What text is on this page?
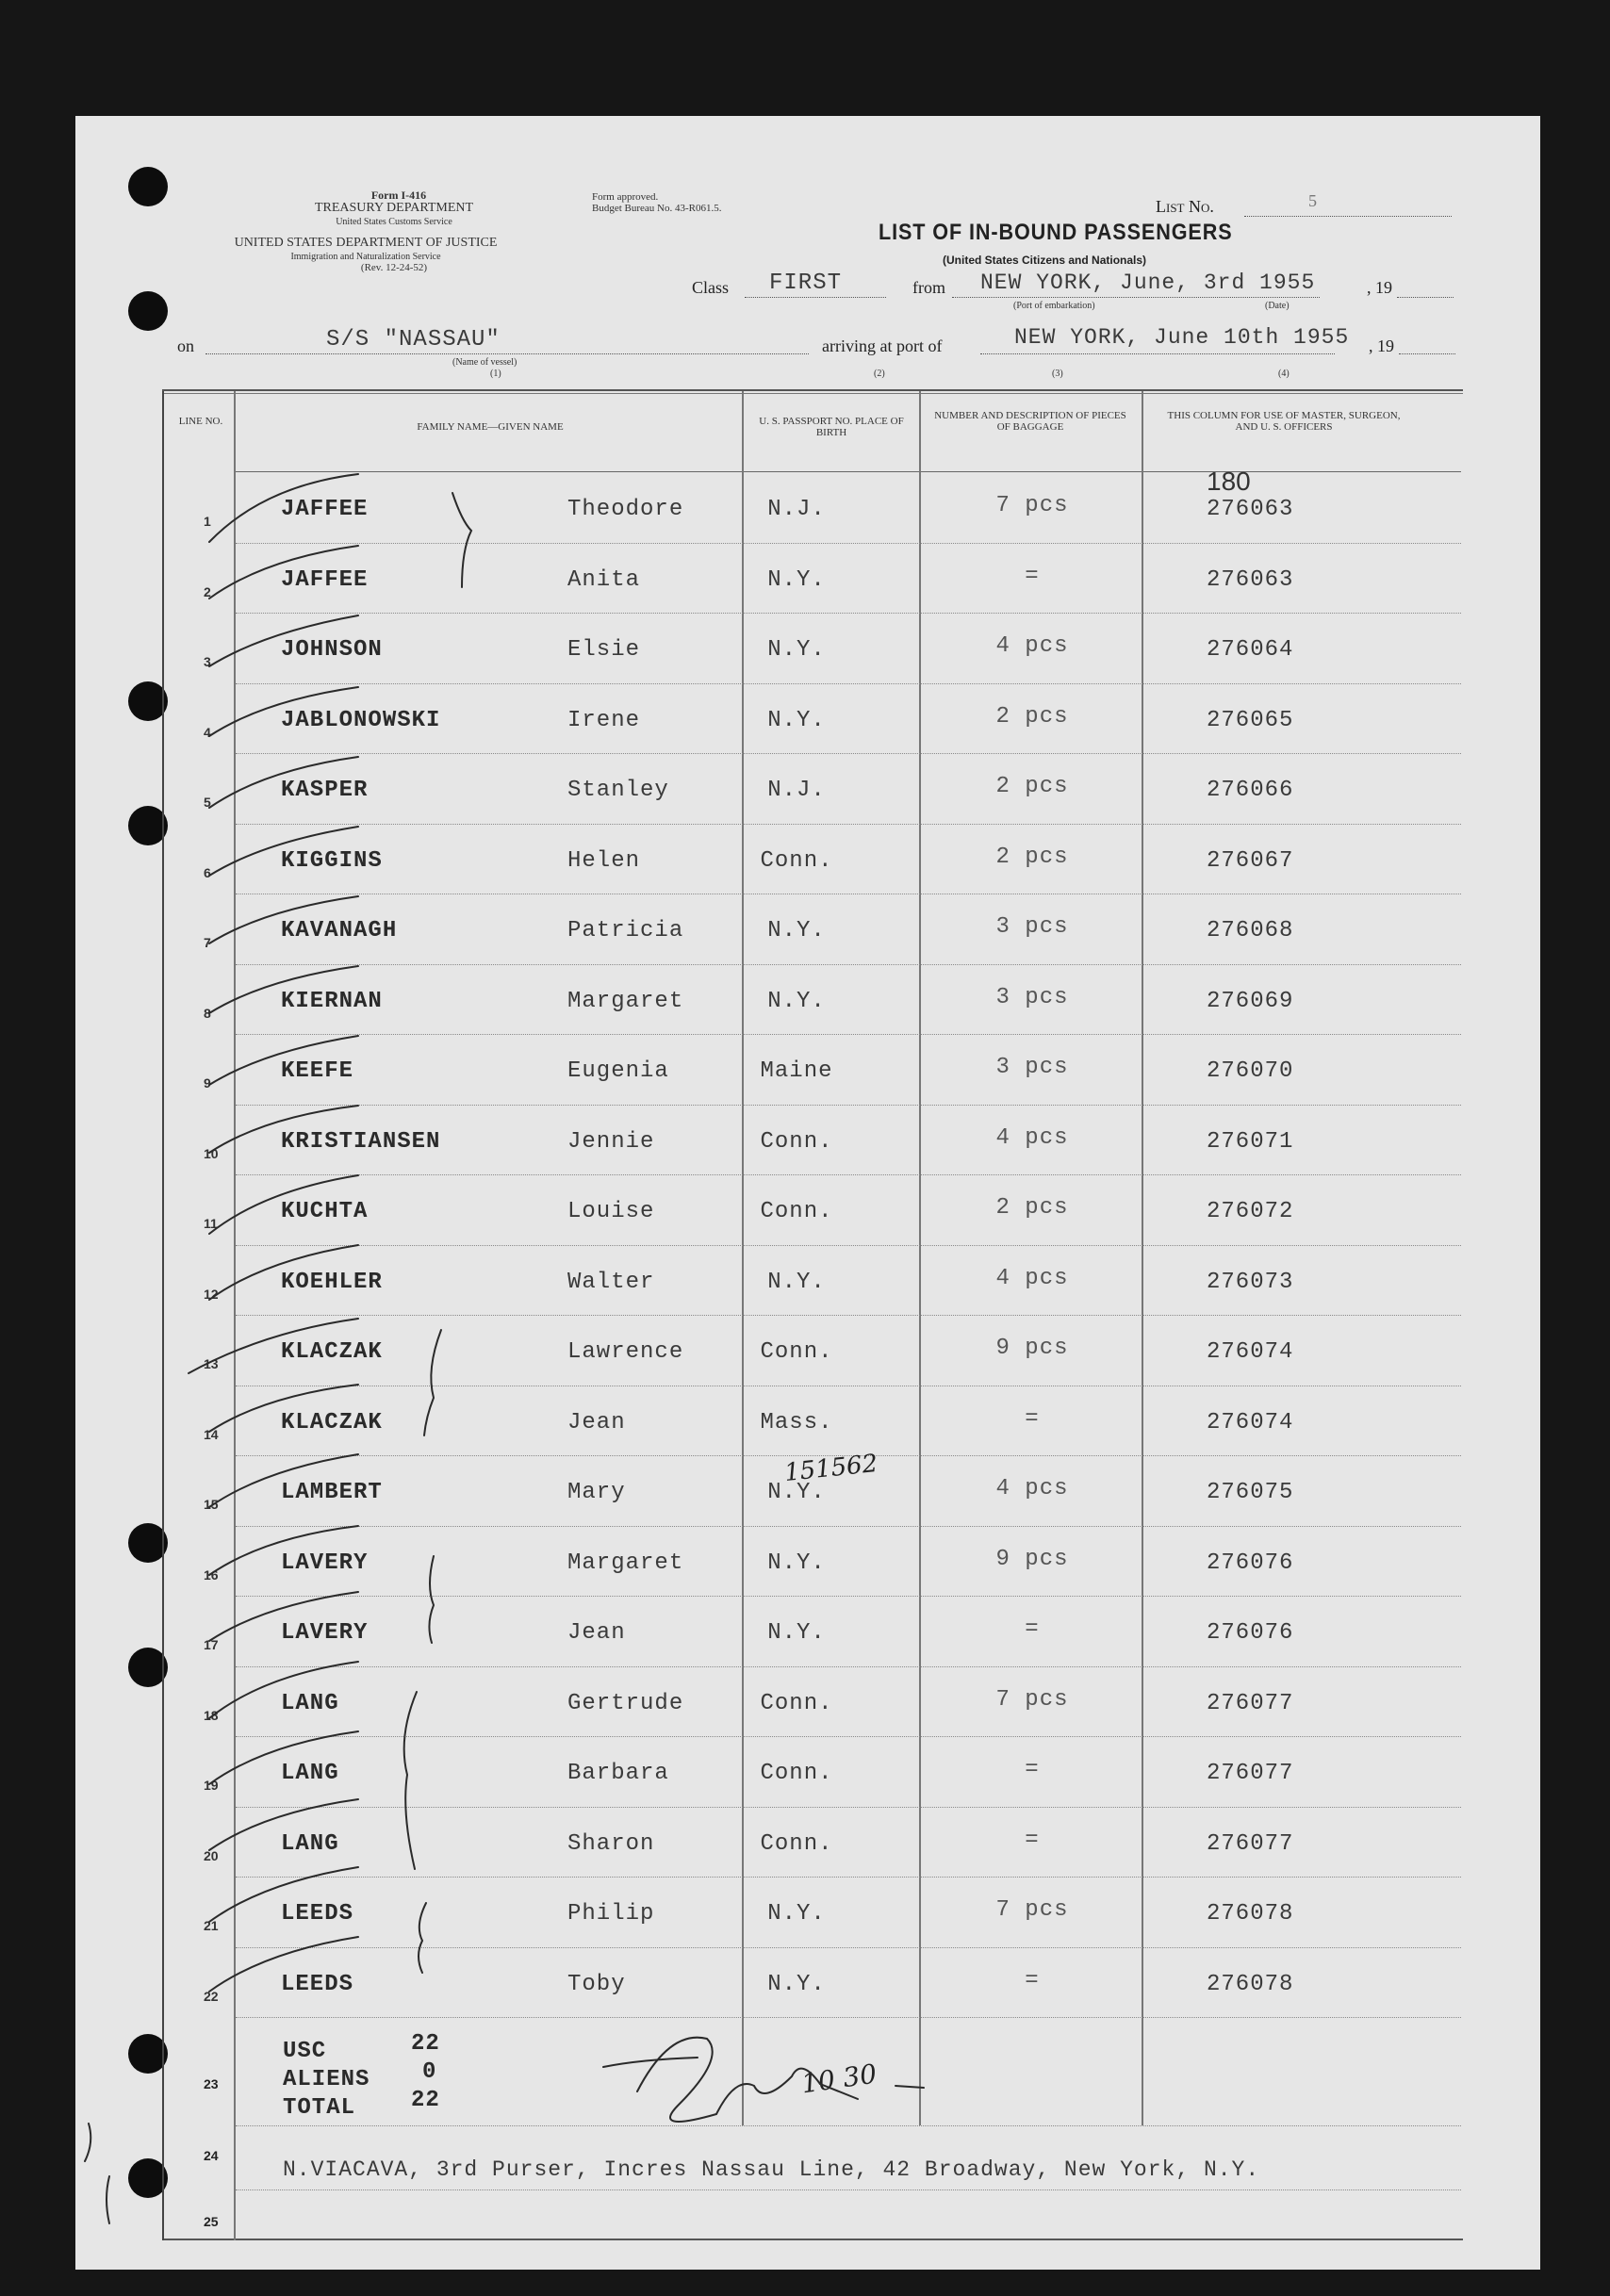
Form I-416
TREASURY DEPARTMENT
United States Customs Service
UNITED STATES DEPARTMENT OF JUSTICE
Immigration and Naturalization Service
(Rev. 12-24-52)
Form approved.
Budget Bureau No. 43-R061.5.	List No.	5
LIST OF IN-BOUND PASSENGERS
(United States Citizens and Nationals)
Class FIRST	from NEW YORK, June, 3rd 1955	, 19
(Port of embarkation)	(Date)
on	S/S "NASSAU"
(Name of vessel)
(1)
arriving at port of	NEW YORK, June 10th 1955 , 19
(2)	(3)	(4)
LINE NO.	FAMILY NAME—GIVEN NAME	U. S. PASSPORT NO. PLACE OF BIRTH
NUMBER AND DESCRIPTION OF PIECES OF BAGGAGE
THIS COLUMN FOR USE OF MASTER, SURGEON, AND U. S. OFFICERS
180
1	JAFFEE	Theodore	N.J.	7 pcs	276063
2	JAFFEE	Anita	N.Y.	=	276063
3	JOHNSON	Elsie	N.Y.	4 pcs	276064
4	JABLONOWSKI	Irene	N.Y.	2 pcs	276065
5	KASPER	Stanley	N.J.	2 pcs	276066
6	KIGGINS	Helen	Conn.	2 pcs	276067
7	KAVANAGH	Patricia	N.Y.	3 pcs	276068
8	KIERNAN	Margaret	N.Y.	3 pcs	276069
9	KEEFE	Eugenia	Maine	3 pcs	276070
10	KRISTIANSEN	Jennie	Conn.	4 pcs	276071
11	KUCHTA	Louise	Conn.	2 pcs	276072
12	KOEHLER	Walter	N.Y.	4 pcs	276073
13	KLACZAK	Lawrence	Conn.	9 pcs	276074
14	KLACZAK	Jean	Mass.	=	276074
15	LAMBERT	Mary	N.Y.	4 pcs	276075
16	LAVERY	Margaret	N.Y.	9 pcs	276076
17	LAVERY	Jean	N.Y.	=	276076
18	LANG	Gertrude	Conn.	7 pcs	276077
19	LANG	Barbara	Conn.	=	276077
20	LANG	Sharon	Conn.	=	276077
21	LEEDS	Philip	N.Y.	7 pcs	276078
22	LEEDS	Toby	N.Y.	=	276078
USC	22
ALIENS 0
TOTAL 22
23
24
N.VIACAVA, 3rd Purser, Incres Nassau Line, 42 Broadway, New York, N.Y.
25
151562
10 30
